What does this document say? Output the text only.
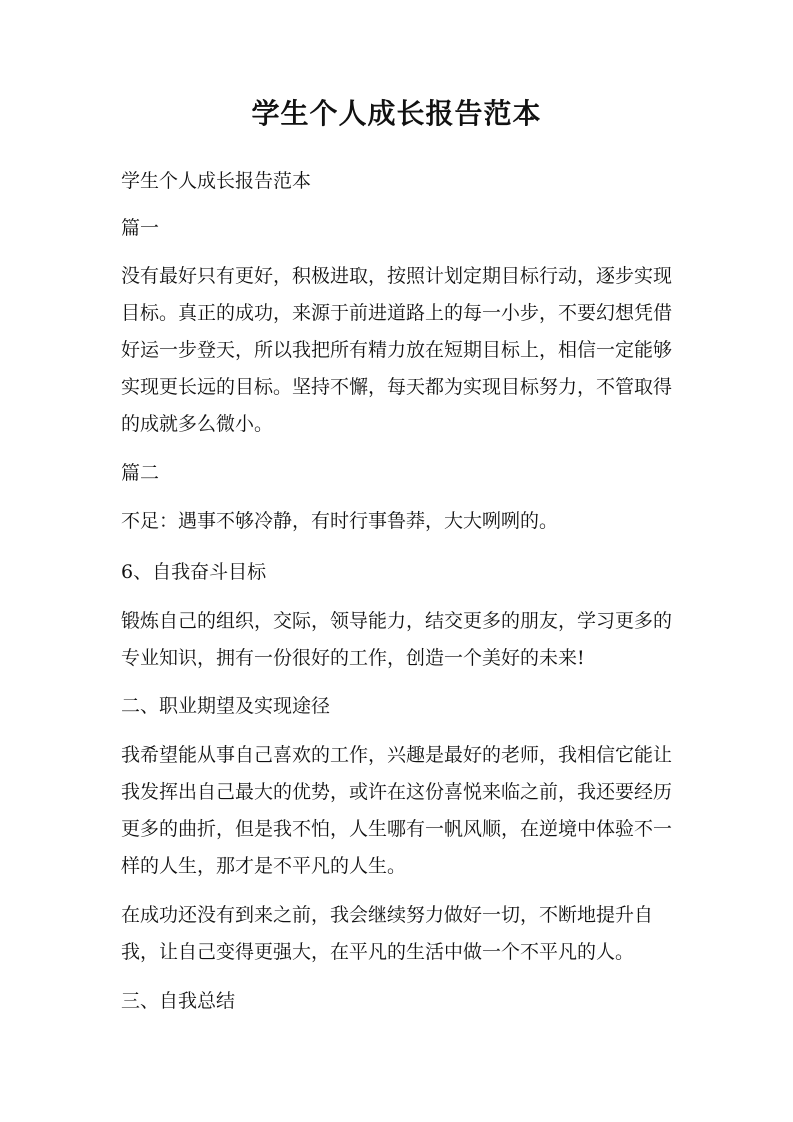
学生个人成长报告范本
学生个人成长报告范本
篇一
没有最好只有更好，积极进取，按照计划定期目标行动，逐步实现
目标。真正的成功，来源于前进道路上的每一小步，不要幻想凭借
好运一步登天，所以我把所有精力放在短期目标上，相信一定能够
实现更长远的目标。坚持不懈，每天都为实现目标努力，不管取得
的成就多么微小。
篇二
不足：遇事不够冷静，有时行事鲁莽，大大咧咧的。
6、自我奋斗目标
锻炼自己的组织，交际，领导能力，结交更多的朋友，学习更多的
专业知识，拥有一份很好的工作，创造一个美好的未来!
二、职业期望及实现途径
我希望能从事自己喜欢的工作，兴趣是最好的老师，我相信它能让
我发挥出自己最大的优势，或许在这份喜悦来临之前，我还要经历
更多的曲折，但是我不怕，人生哪有一帆风顺，在逆境中体验不一
样的人生，那才是不平凡的人生。
在成功还没有到来之前，我会继续努力做好一切，不断地提升自
我，让自己变得更强大，在平凡的生活中做一个不平凡的人。
三、自我总结
